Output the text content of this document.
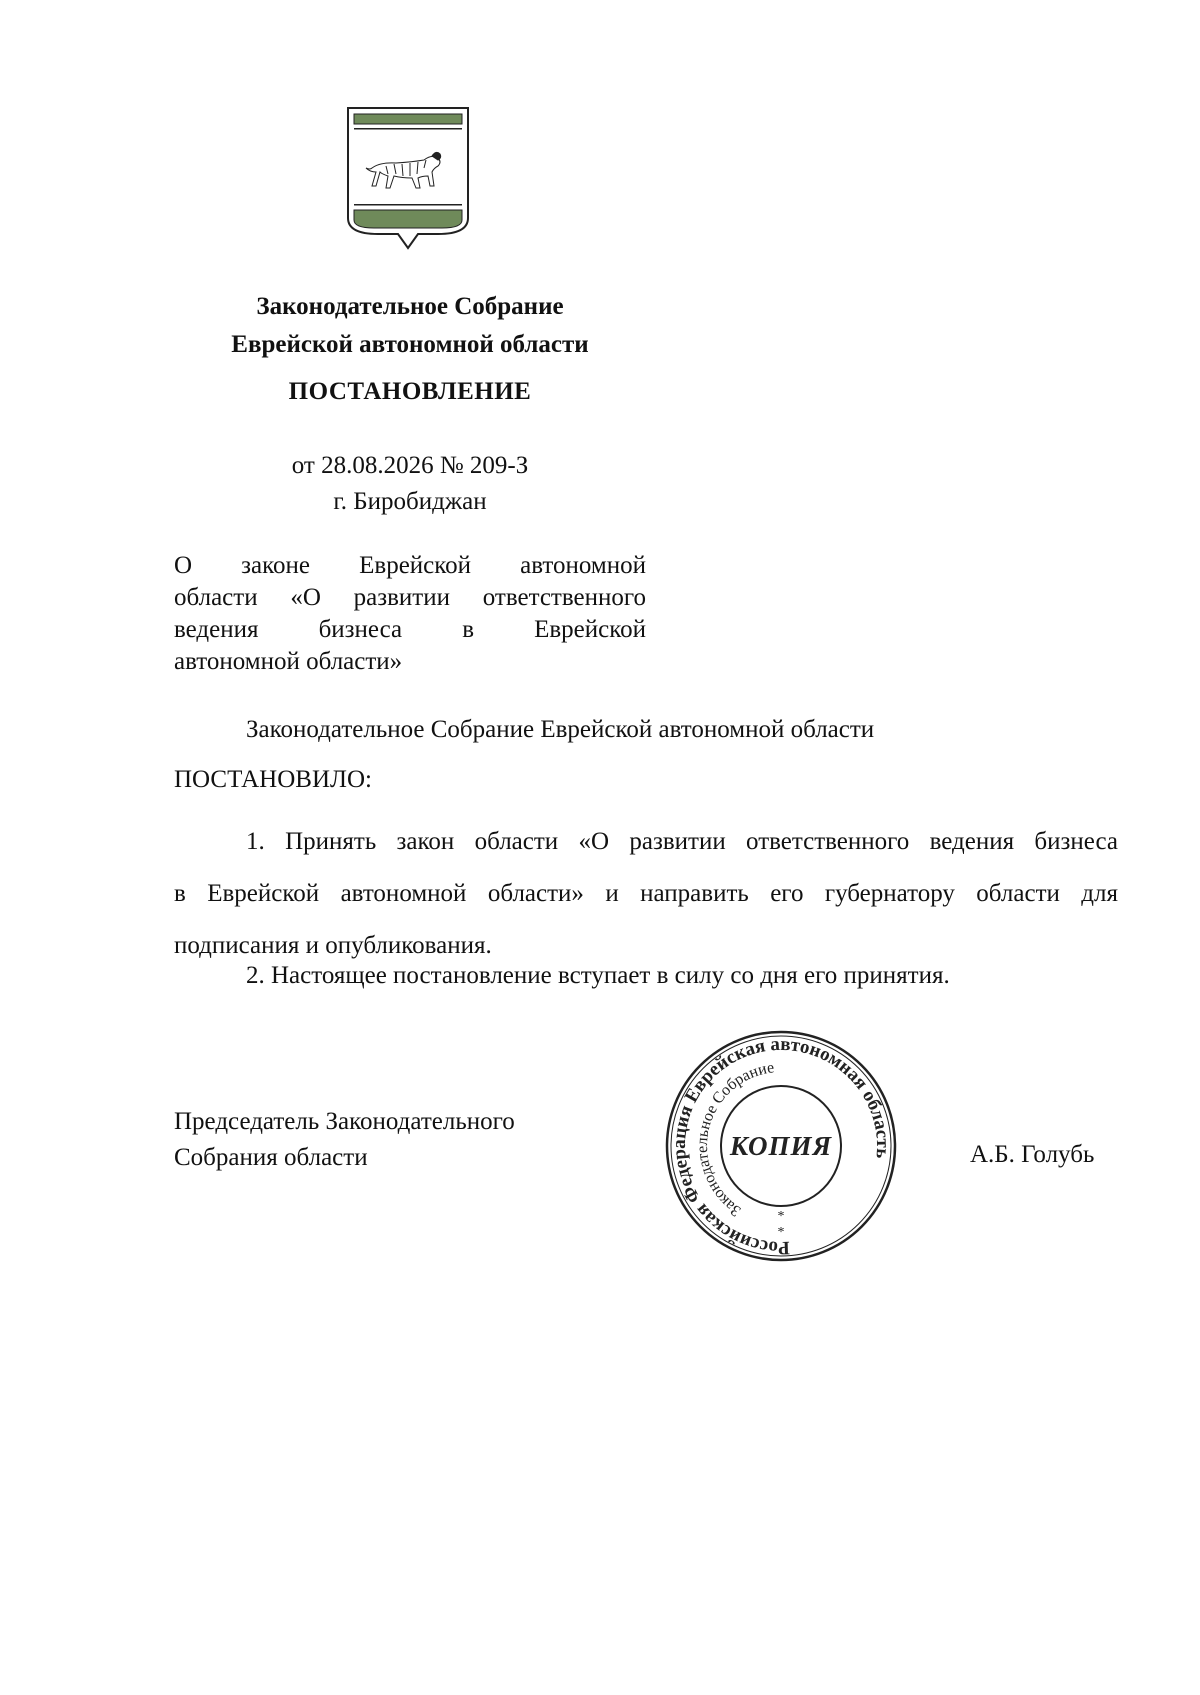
Законодательное Собрание
Еврейской автономной области
ПОСТАНОВЛЕНИЕ
от 28.08.2026 № 209-З
г. Биробиджан
О законе Еврейской автономной
области «О развитии ответственного
ведения бизнеса в Еврейской
автономной области»
Законодательное Собрание Еврейской автономной области
ПОСТАНОВИЛО:
1. Принять закон области «О развитии ответственного ведения бизнеса
в Еврейской автономной области» и направить его губернатору области для
подписания и опубликования.
2. Настоящее постановление вступает в силу со дня его принятия.
Председатель Законодательного
Собрания области	А.Б. Голубь
Российская Федерация Еврейская автономная область
Законодательное Собрание
КОПИЯ
*
*
